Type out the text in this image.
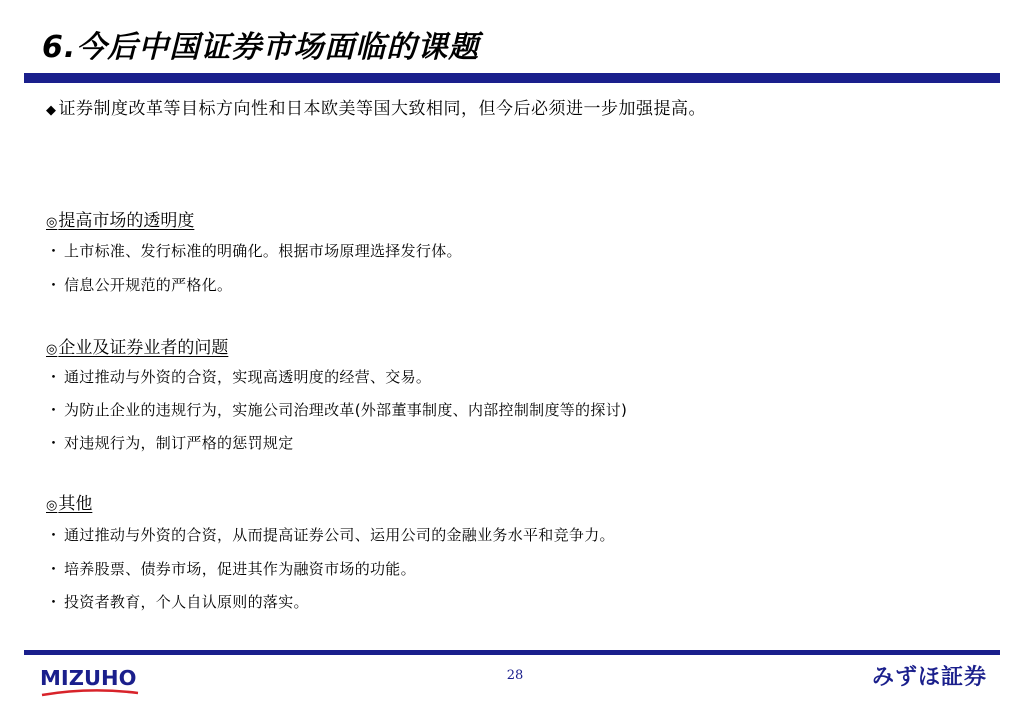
6.今后中国证券市场面临的课题
◆ 证券制度改革等目标方向性和日本欧美等国大致相同，但今后必须进一步加强提高。
◎提高市场的透明度
・ 上市标准、发行标准的明确化。根据市场原理选择发行体。
・ 信息公开规范的严格化。
◎企业及证券业者的问题
・ 通过推动与外资的合资，实现高透明度的经营、交易。
・ 为防止企业的违规行为，实施公司治理改革(外部董事制度、内部控制制度等的探讨)
・ 对违规行为，制订严格的惩罚规定
◎其他
・ 通过推动与外资的合资，从而提高证券公司、运用公司的金融业务水平和竞争力。
・ 培养股票、债券市场，促进其作为融资市场的功能。
・ 投资者教育，个人自认原则的落实。
MIZUHO	28	みずほ証券
